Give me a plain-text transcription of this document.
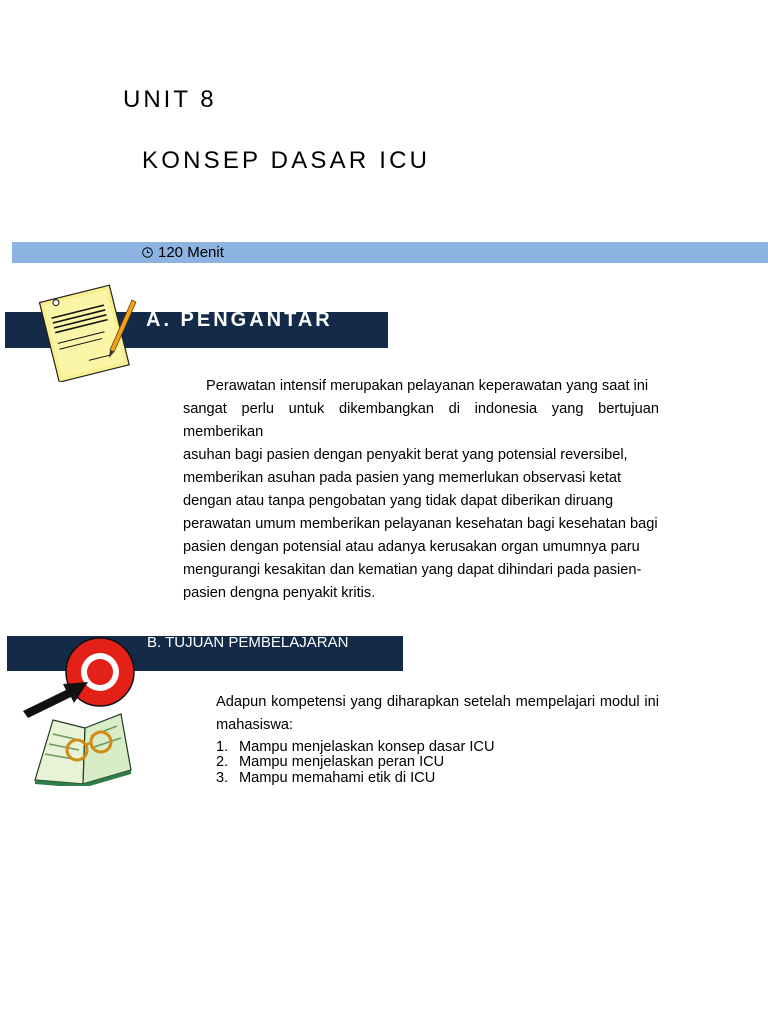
UNIT 8
KONSEP DASAR ICU
120 Menit
A. PENGANTAR

Perawatan intensif merupakan pelayanan keperawatan yang saat ini
sangat perlu untuk dikembangkan di indonesia yang bertujuan memberikan
asuhan bagi pasien dengan penyakit berat yang potensial reversibel,
memberikan asuhan pada pasien yang memerlukan observasi ketat
dengan atau tanpa pengobatan yang tidak dapat diberikan diruang
perawatan umum memberikan pelayanan kesehatan bagi kesehatan bagi
pasien dengan potensial atau adanya kerusakan organ umumnya paru
mengurangi kesakitan dan kematian yang dapat dihindari pada pasien-
pasien dengna penyakit kritis.

B. TUJUAN PEMBELAJARAN

Adapun kompetensi yang diharapkan setelah mempelajari modul ini mahasiswa:

1. Mampu menjelaskan konsep dasar ICU
2. Mampu menjelaskan peran ICU
3. Mampu memahami etik di ICU
